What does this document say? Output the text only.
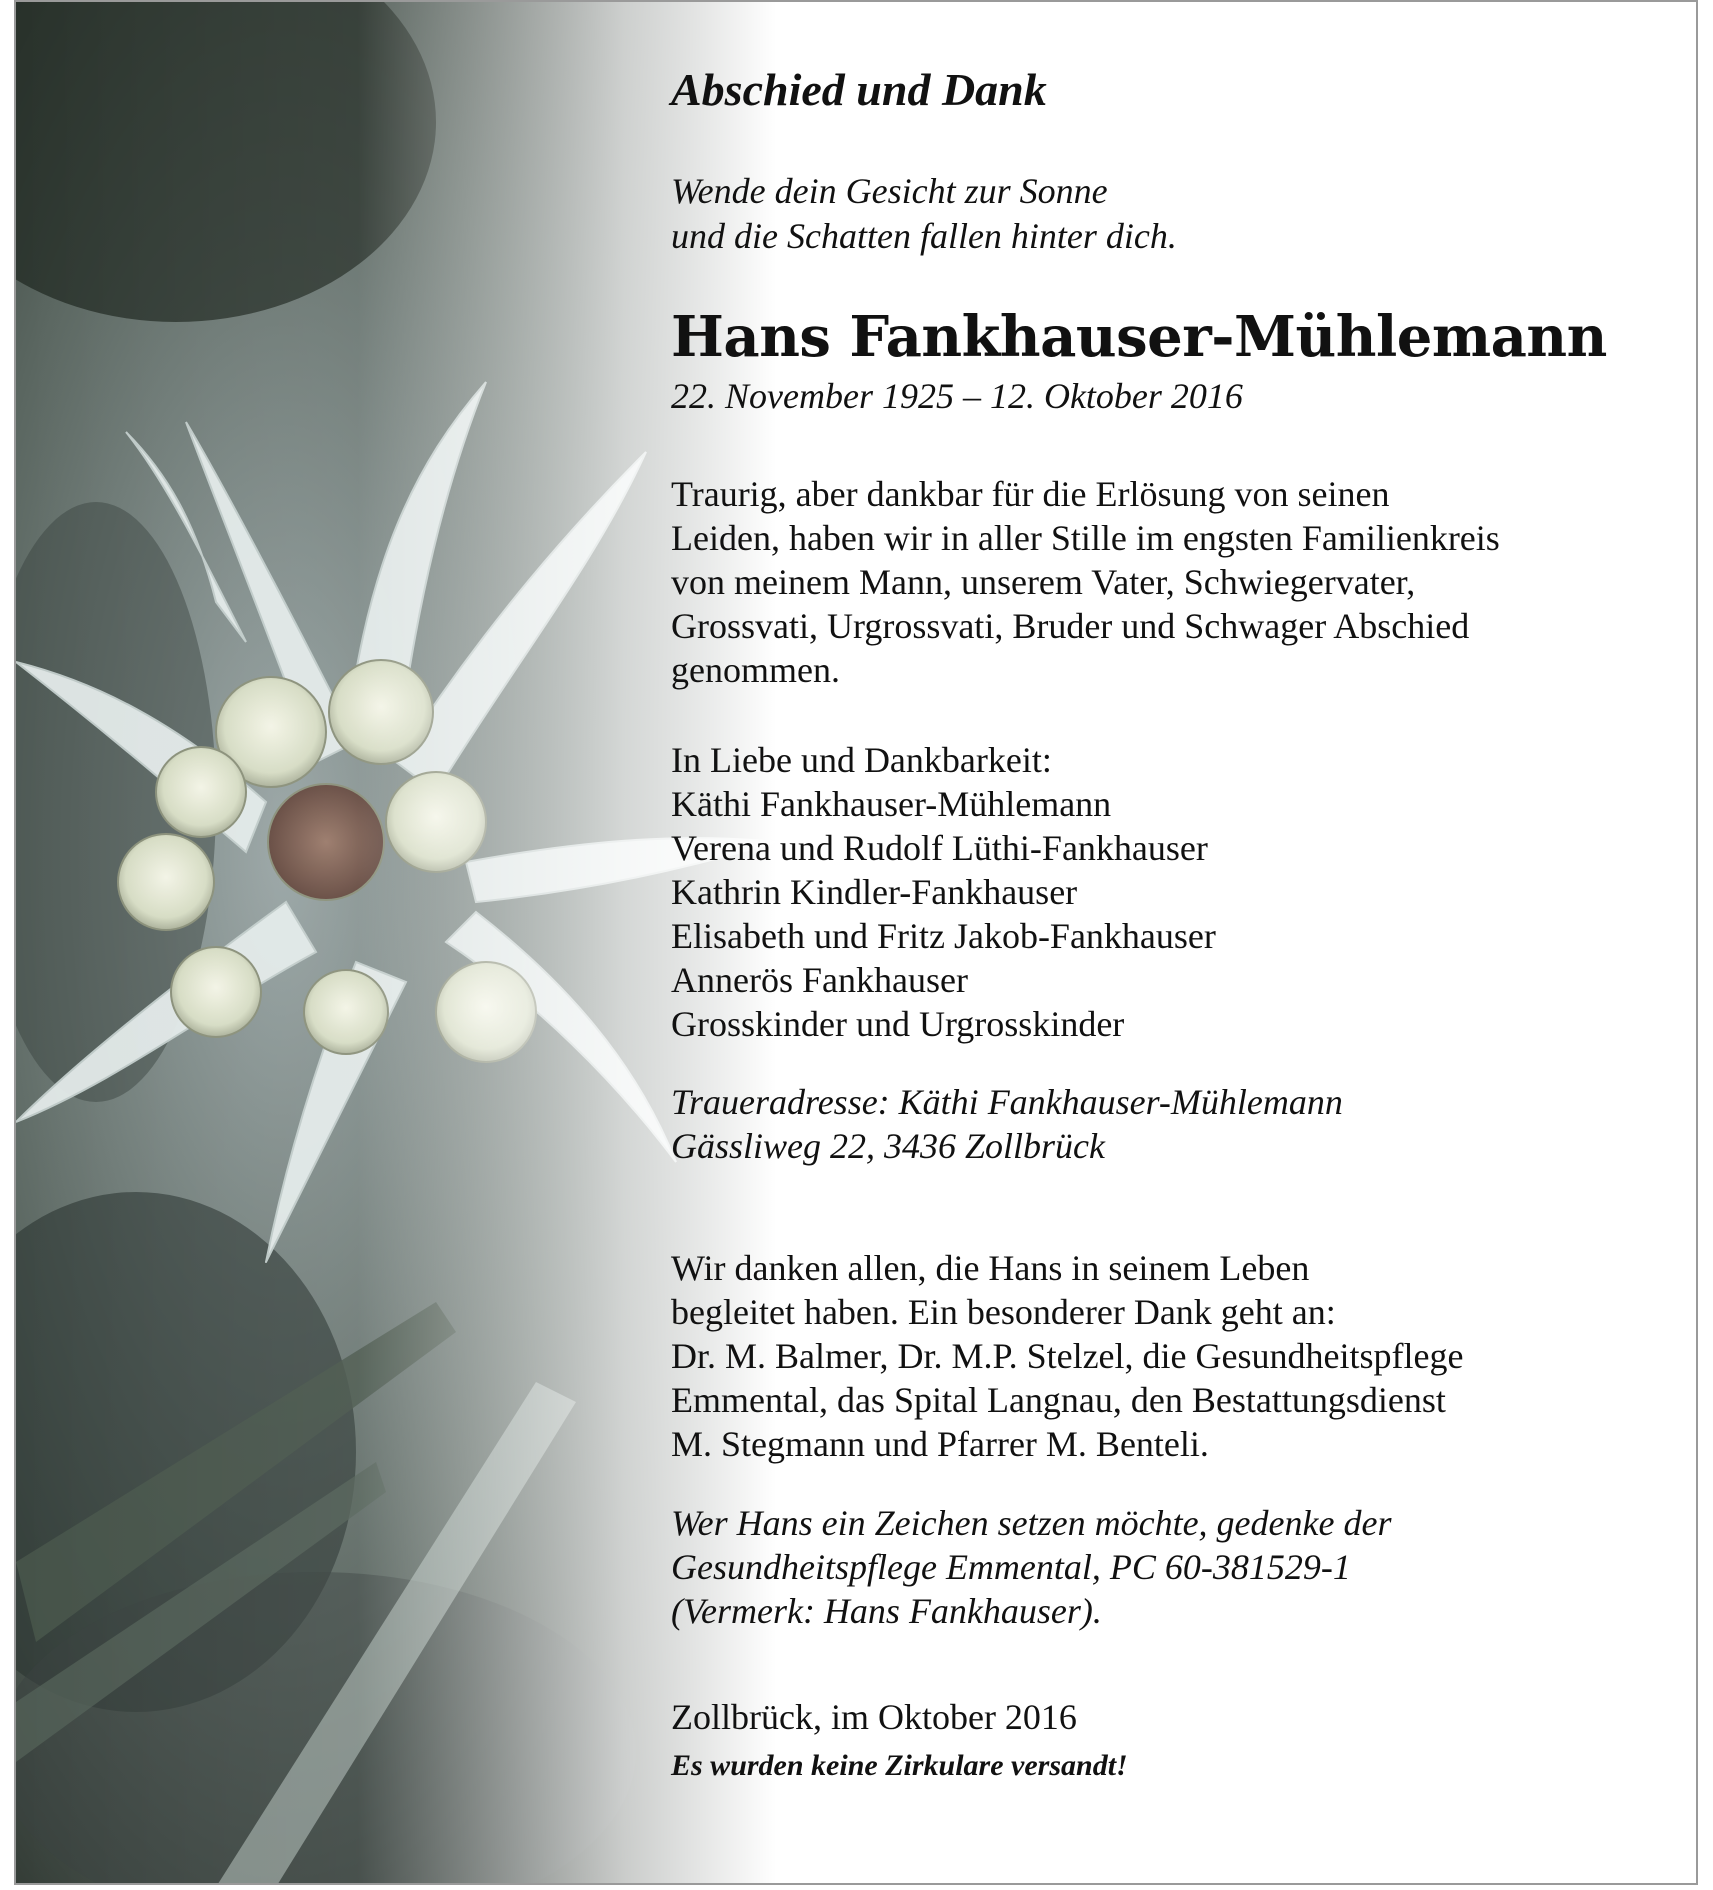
Abschied und Dank
Wende dein Gesicht zur Sonne
und die Schatten fallen hinter dich.
Hans Fankhauser-Mühlemann
22. November 1925 – 12. Oktober 2016
Traurig, aber dankbar für die Erlösung von seinen
Leiden, haben wir in aller Stille im engsten Familienkreis
von meinem Mann, unserem Vater, Schwiegervater,
Grossvati, Urgrossvati, Bruder und Schwager Abschied
genommen.
In Liebe und Dankbarkeit:
Käthi Fankhauser-Mühlemann
Verena und Rudolf Lüthi-Fankhauser
Kathrin Kindler-Fankhauser
Elisabeth und Fritz Jakob-Fankhauser
Annerös Fankhauser
Grosskinder und Urgrosskinder
Traueradresse: Käthi Fankhauser-Mühlemann
Gässliweg 22, 3436 Zollbrück
Wir danken allen, die Hans in seinem Leben
begleitet haben. Ein besonderer Dank geht an:
Dr. M. Balmer, Dr. M.P. Stelzel, die Gesundheitspflege
Emmental, das Spital Langnau, den Bestattungsdienst
M. Stegmann und Pfarrer M. Benteli.
Wer Hans ein Zeichen setzen möchte, gedenke der
Gesundheitspflege Emmental, PC 60-381529-1
(Vermerk: Hans Fankhauser).
Zollbrück, im Oktober 2016
Es wurden keine Zirkulare versandt!
